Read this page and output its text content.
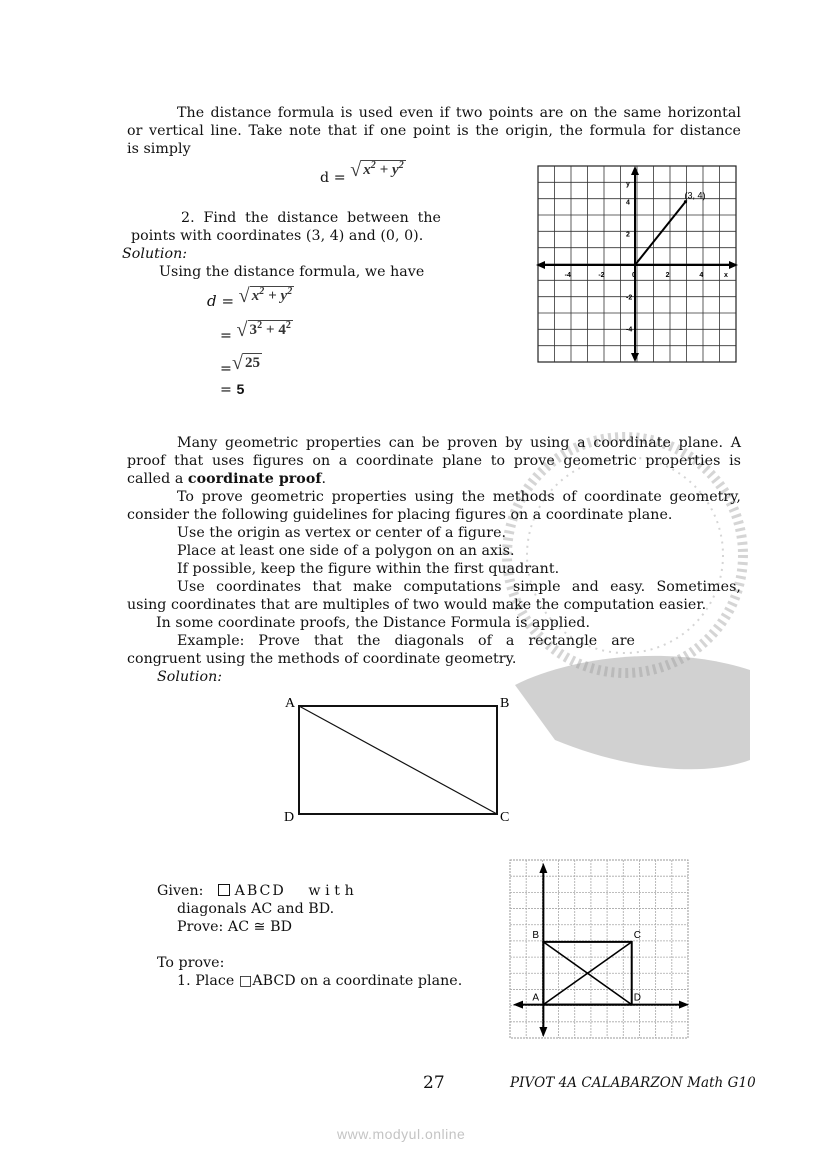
The distance formula is used even if two points are on the same horizontal
or vertical line. Take note that if one point is the origin, the formula for distance
is simply
d = √ $x^2 + y^2$
2. Find the distance between the
points with coordinates (3, 4) and (0, 0).
Solution:
Using the distance formula, we have
d = √ $x^2 + y^2$
= √ $3^2 + 4^2$
=√ 25
= 5
-4	-2	0	2	4	x
4
2
-2
-4
y
(3, 4)
Many geometric properties can be proven by using a coordinate plane. A
proof that uses figures on a coordinate plane to prove geometric properties is
called a coordinate proof.
To prove geometric properties using the methods of coordinate geometry,
consider the following guidelines for placing figures on a coordinate plane.
Use the origin as vertex or center of a figure.
Place at least one side of a polygon on an axis.
If possible, keep the figure within the first quadrant.
Use coordinates that make computations simple and easy. Sometimes,
using coordinates that are multiples of two would make the computation easier.
In some coordinate proofs, the Distance Formula is applied.
Example: Prove that the diagonals of a rectangle are
congruent using the methods of coordinate geometry.
Solution:
A	B
C
D
Given: ABCD w i t h
diagonals AC and BD.
Prove: AC ≅ BD
To prove:
1. Place □ABCD on a coordinate plane.
A
B	C
D
27	PIVOT 4A CALABARZON Math G10
www.modyul.online
